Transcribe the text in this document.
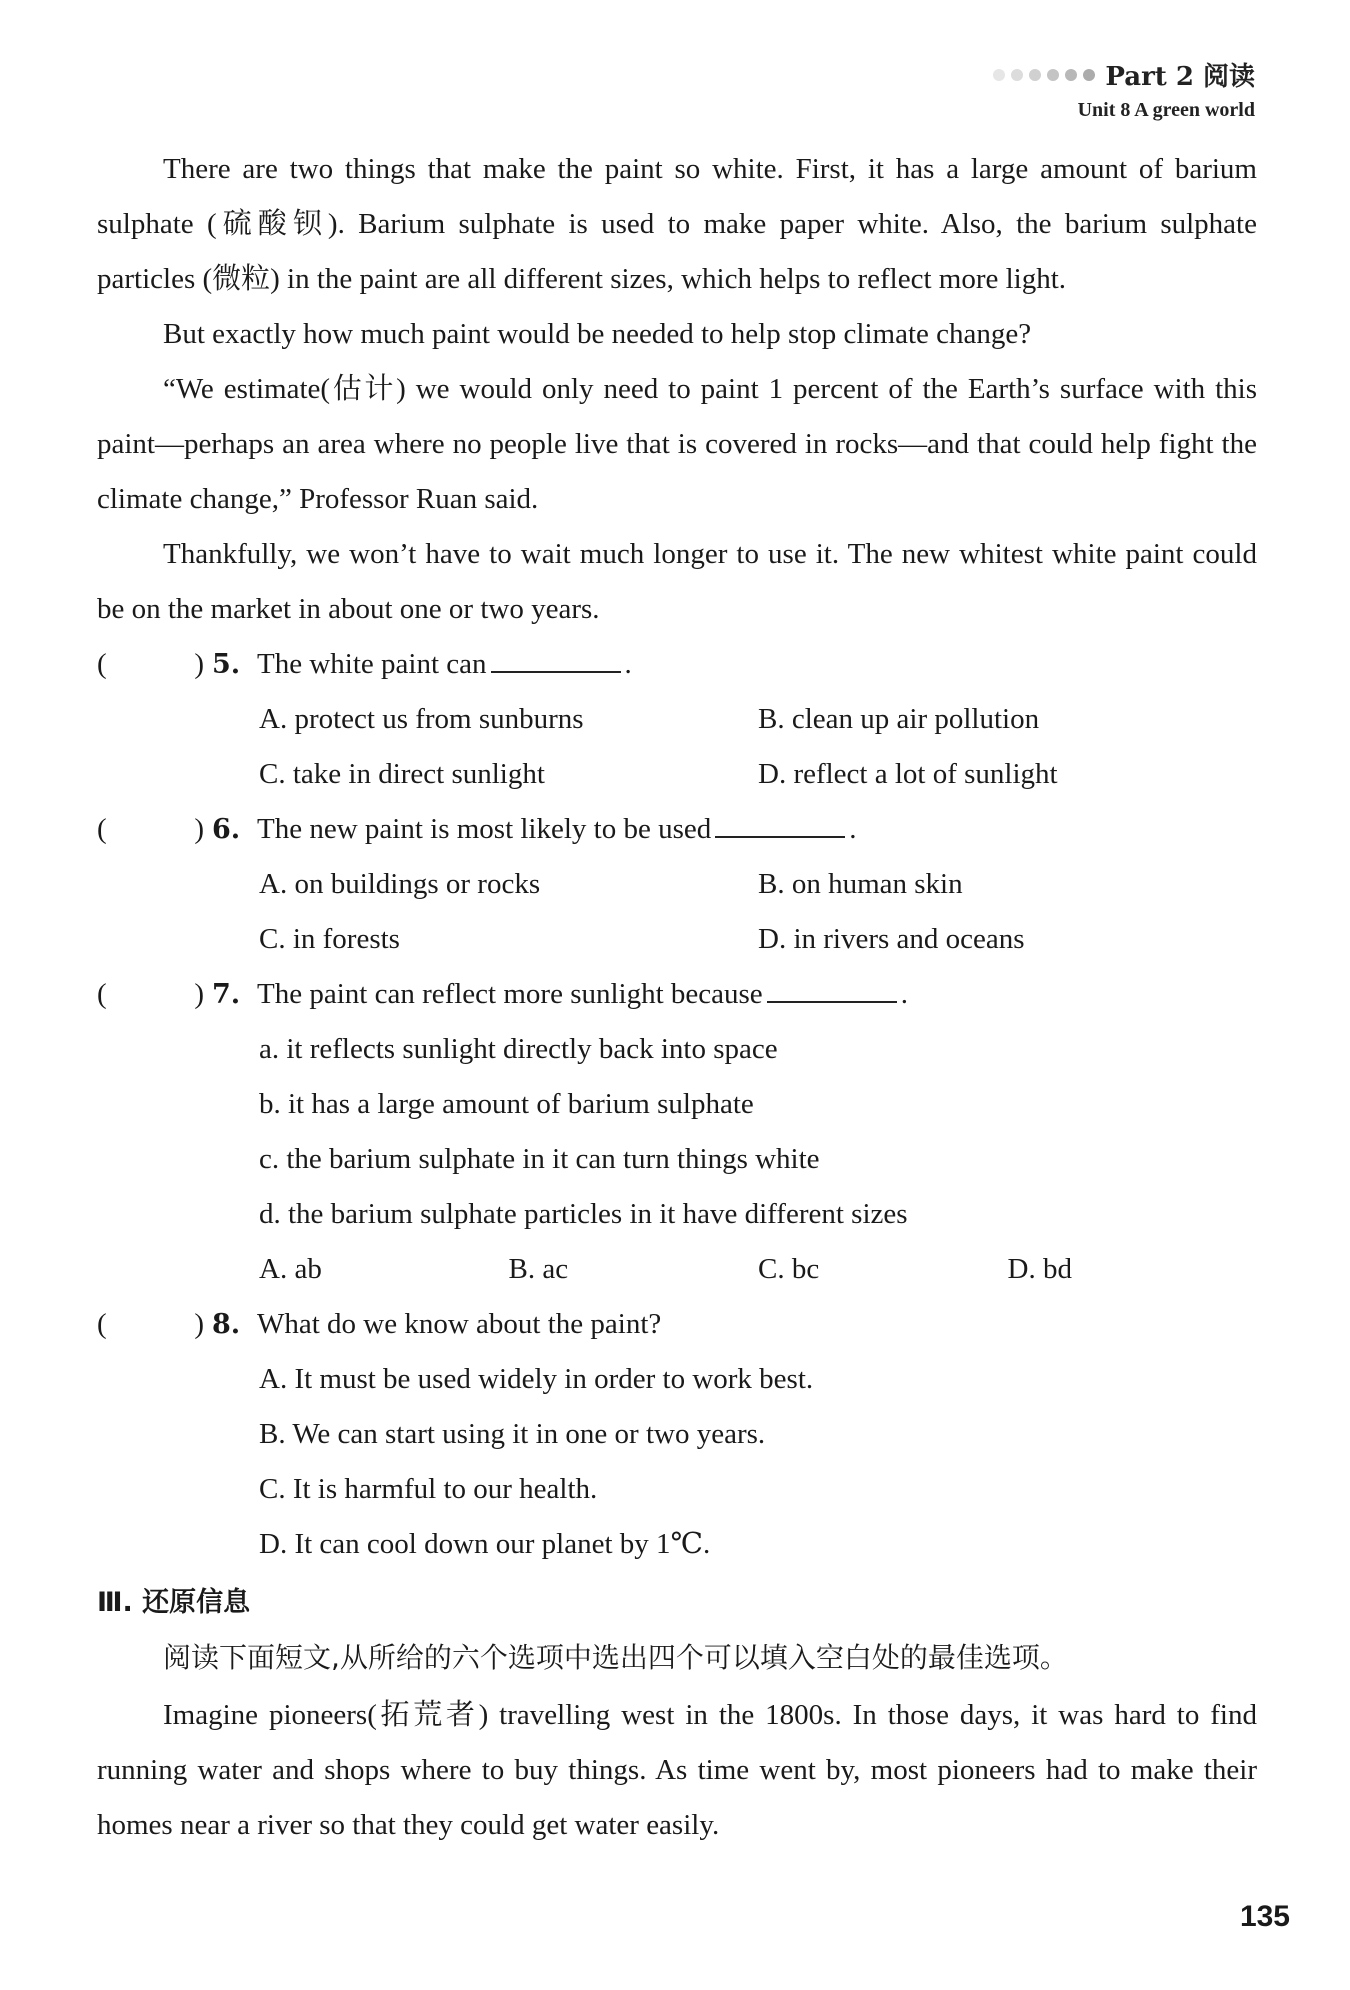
Part 2 阅读
Unit 8 A green world

There are two things that make the paint so white. First, it has a large amount of barium sulphate (硫酸钡). Barium sulphate is used to make paper white. Also, the barium sulphate particles (微粒) in the paint are all different sizes, which helps to reflect more light.

But exactly how much paint would be needed to help stop climate change?

“We estimate(估计) we would only need to paint 1 percent of the Earth’s surface with this paint—perhaps an area where no people live that is covered in rocks—and that could help fight the climate change,” Professor Ruan said.

Thankfully, we won’t have to wait much longer to use it. The new whitest white paint could be on the market in about one or two years.

(	) 5. The white paint can	.
A. protect us from sunburns	B. clean up air pollution
C. take in direct sunlight	D. reflect a lot of sunlight
(	) 6. The new paint is most likely to be used	.
A. on buildings or rocks	B. on human skin
C. in forests	D. in rivers and oceans
(	) 7. The paint can reflect more sunlight because	.
a. it reflects sunlight directly back into space
b. it has a large amount of barium sulphate
c. the barium sulphate in it can turn things white
d. the barium sulphate particles in it have different sizes
A. ab	B. ac	C. bc	D. bd
(	) 8. What do we know about the paint?
A. It must be used widely in order to work best.
B. We can start using it in one or two years.
C. It is harmful to our health.
D. It can cool down our planet by 1℃.
Ⅲ. 还原信息
阅读下面短文,从所给的六个选项中选出四个可以填入空白处的最佳选项。

Imagine pioneers(拓荒者) travelling west in the 1800s. In those days, it was hard to find running water and shops where to buy things. As time went by, most pioneers had to make their homes near a river so that they could get water easily.

135
